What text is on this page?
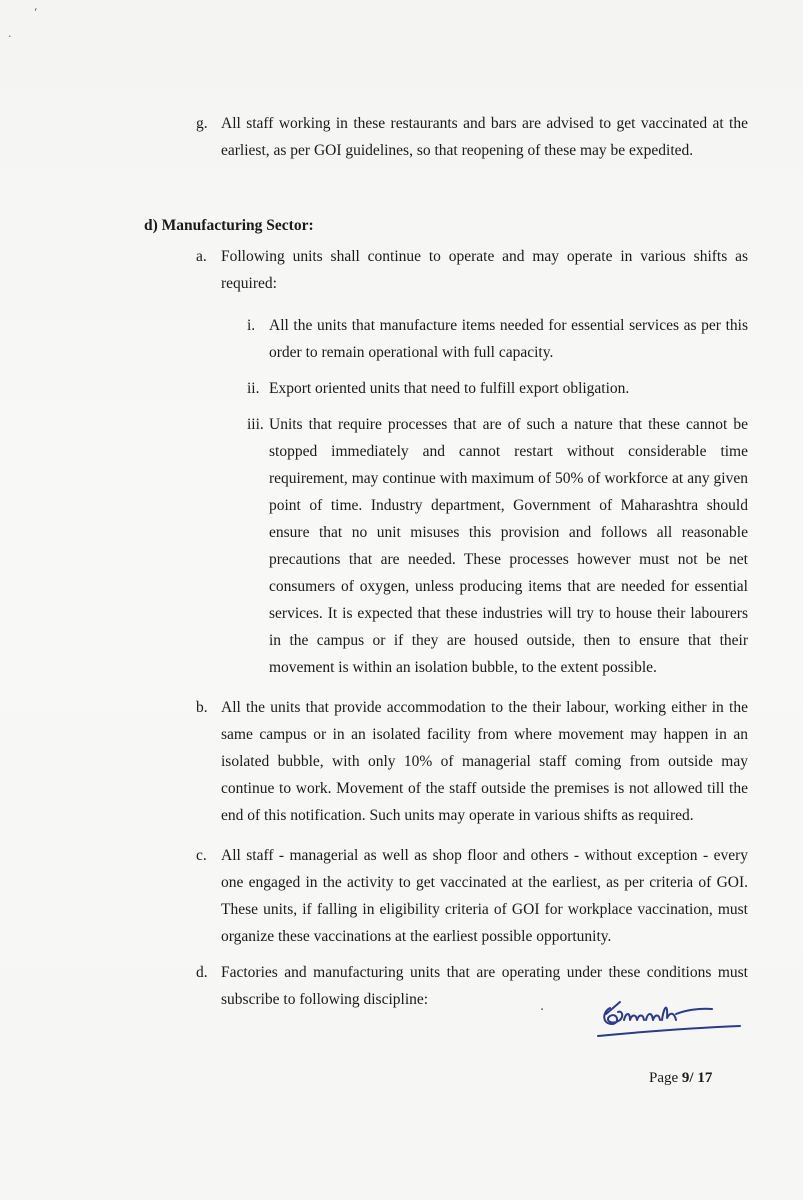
‘
·
g. All staff working in these restaurants and bars are advised to get vaccinated at the earliest, as per GOI guidelines, so that reopening of these may be expedited.
d) Manufacturing Sector:
a. Following units shall continue to operate and may operate in various shifts as required:
i. All the units that manufacture items needed for essential services as per this order to remain operational with full capacity.
ii. Export oriented units that need to fulfill export obligation.
iii. Units that require processes that are of such a nature that these cannot be stopped immediately and cannot restart without considerable time requirement, may continue with maximum of 50% of workforce at any given point of time. Industry department, Government of Maharashtra should ensure that no unit misuses this provision and follows all reasonable precautions that are needed. These processes however must not be net consumers of oxygen, unless producing items that are needed for essential services. It is expected that these industries will try to house their labourers in the campus or if they are housed outside, then to ensure that their movement is within an isolation bubble, to the extent possible.
b. All the units that provide accommodation to the their labour, working either in the same campus or in an isolated facility from where movement may happen in an isolated bubble, with only 10% of managerial staff coming from outside may continue to work. Movement of the staff outside the premises is not allowed till the end of this notification. Such units may operate in various shifts as required.
c. All staff - managerial as well as shop floor and others - without exception - every one engaged in the activity to get vaccinated at the earliest, as per criteria of GOI. These units, if falling in eligibility criteria of GOI for workplace vaccination, must organize these vaccinations at the earliest possible opportunity.
d. Factories and manufacturing units that are operating under these conditions must subscribe to following discipline:
·
Page 9/ 17
